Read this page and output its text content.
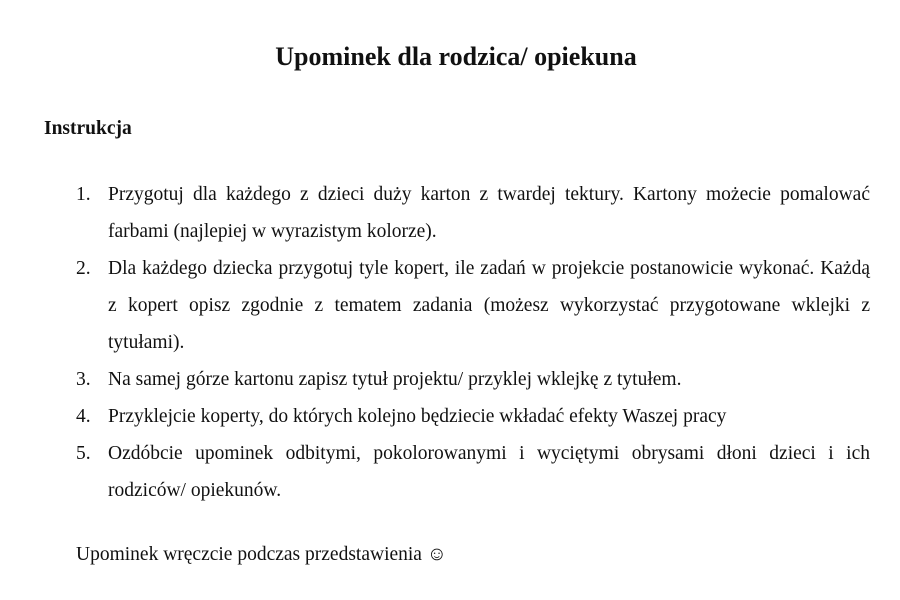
Upominek dla rodzica/ opiekuna
Instrukcja
1. Przygotuj dla każdego z dzieci duży karton z twardej tektury. Kartony możecie pomalować farbami (najlepiej w wyrazistym kolorze).
2. Dla każdego dziecka przygotuj tyle kopert, ile zadań w projekcie postanowicie wykonać. Każdą z kopert opisz zgodnie z tematem zadania (możesz wykorzystać przygotowane wklejki z tytułami).
3. Na samej górze kartonu zapisz tytuł projektu/ przyklej wklejkę z tytułem.
4. Przyklejcie koperty, do których kolejno będziecie wkładać efekty Waszej pracy
5. Ozdóbcie upominek odbitymi, pokolorowanymi i wyciętymi obrysami dłoni dzieci i ich rodziców/ opiekunów.

Upominek wręczcie podczas przedstawienia ☺
